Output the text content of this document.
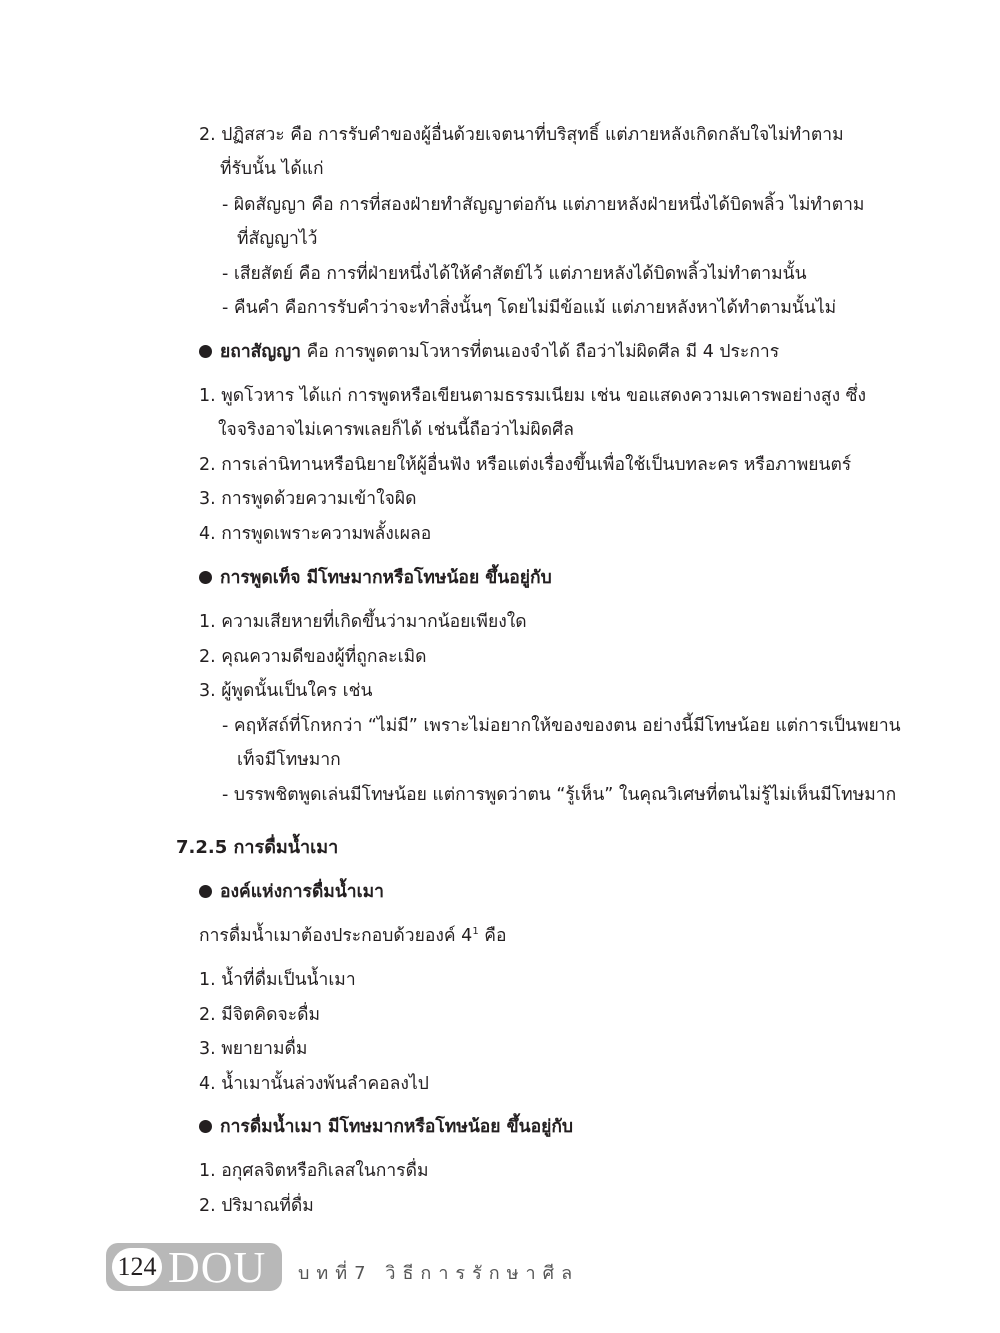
2. ปฏิสสวะ คือ การรับคำของผู้อื่นด้วยเจตนาที่บริสุทธิ์ แต่ภายหลังเกิดกลับใจไม่ทำตาม
ที่รับนั้น ได้แก่
- ผิดสัญญา คือ การที่สองฝ่ายทำสัญญาต่อกัน แต่ภายหลังฝ่ายหนึ่งได้บิดพลิ้ว ไม่ทำตาม
ที่สัญญาไว้
- เสียสัตย์ คือ การที่ฝ่ายหนึ่งได้ให้คำสัตย์ไว้ แต่ภายหลังได้บิดพลิ้วไม่ทำตามนั้น
- คืนคำ คือการรับคำว่าจะทำสิ่งนั้นๆ โดยไม่มีข้อแม้ แต่ภายหลังหาได้ทำตามนั้นไม่
ยถาสัญญา คือ การพูดตามโวหารที่ตนเองจำได้ ถือว่าไม่ผิดศีล มี 4 ประการ
1. พูดโวหาร ได้แก่ การพูดหรือเขียนตามธรรมเนียม เช่น ขอแสดงความเคารพอย่างสูง ซึ่ง
ใจจริงอาจไม่เคารพเลยก็ได้ เช่นนี้ถือว่าไม่ผิดศีล
2. การเล่านิทานหรือนิยายให้ผู้อื่นฟัง หรือแต่งเรื่องขึ้นเพื่อใช้เป็นบทละคร หรือภาพยนตร์
3. การพูดด้วยความเข้าใจผิด
4. การพูดเพราะความพลั้งเผลอ
การพูดเท็จ มีโทษมากหรือโทษน้อย ขึ้นอยู่กับ
1. ความเสียหายที่เกิดขึ้นว่ามากน้อยเพียงใด
2. คุณความดีของผู้ที่ถูกละเมิด
3. ผู้พูดนั้นเป็นใคร เช่น
- คฤหัสถ์ที่โกหกว่า “ไม่มี” เพราะไม่อยากให้ของของตน อย่างนี้มีโทษน้อย แต่การเป็นพยาน
เท็จมีโทษมาก
- บรรพชิตพูดเล่นมีโทษน้อย แต่การพูดว่าตน “รู้เห็น” ในคุณวิเศษที่ตนไม่รู้ไม่เห็นมีโทษมาก
7.2.5 การดื่มน้ำเมา
องค์แห่งการดื่มน้ำเมา
การดื่มน้ำเมาต้องประกอบด้วยองค์ $4^1$ คือ
1. น้ำที่ดื่มเป็นน้ำเมา
2. มีจิตคิดจะดื่ม
3. พยายามดื่ม
4. น้ำเมานั้นล่วงพ้นลำคอลงไป
การดื่มน้ำเมา มีโทษมากหรือโทษน้อย ขึ้นอยู่กับ
1. อกุศลจิตหรือกิเลสในการดื่ม
2. ปริมาณที่ดื่ม
124 DOU บทที่7 วิธีการรักษาศีล
